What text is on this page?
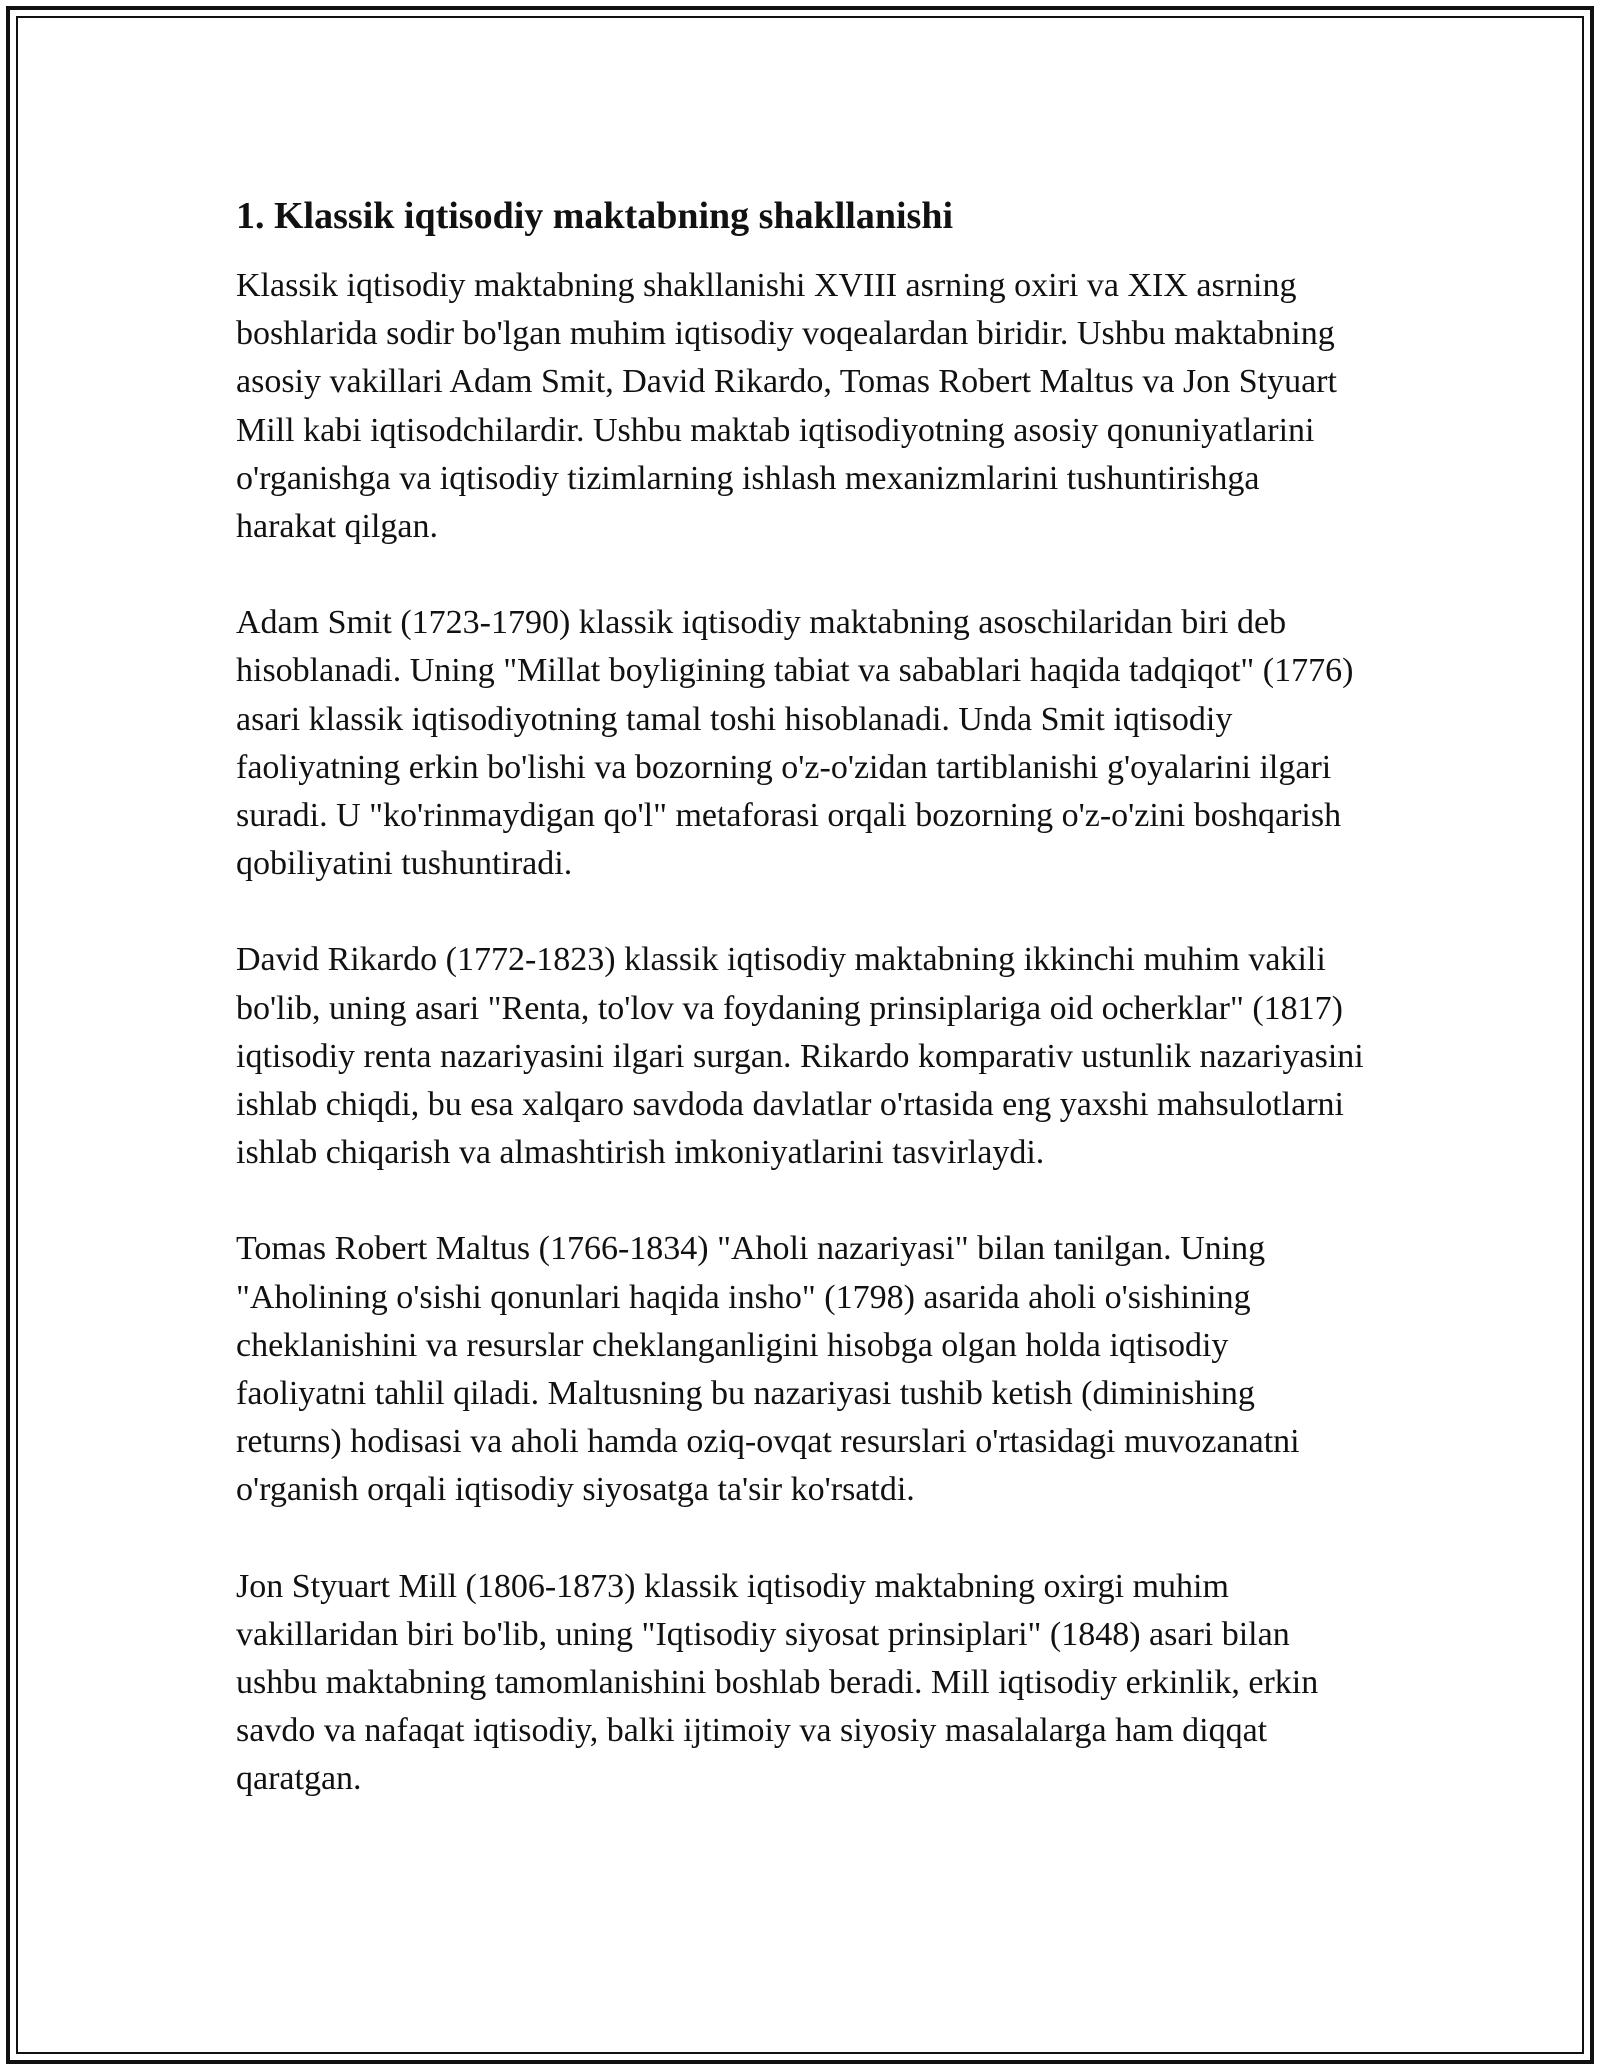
1. Klassik iqtisodiy maktabning shakllanishi

Klassik iqtisodiy maktabning shakllanishi XVIII asrning oxiri va XIX asrning boshlarida sodir bo'lgan muhim iqtisodiy voqealardan biridir. Ushbu maktabning asosiy vakillari Adam Smit, David Rikardo, Tomas Robert Maltus va Jon Styuart Mill kabi iqtisodchilardir. Ushbu maktab iqtisodiyotning asosiy qonuniyatlarini o'rganishga va iqtisodiy tizimlarning ishlash mexanizmlarini tushuntirishga harakat qilgan.

Adam Smit (1723-1790) klassik iqtisodiy maktabning asoschilaridan biri deb hisoblanadi. Uning "Millat boyligining tabiat va sabablari haqida tadqiqot" (1776) asari klassik iqtisodiyotning tamal toshi hisoblanadi. Unda Smit iqtisodiy faoliyatning erkin bo'lishi va bozorning o'z-o'zidan tartiblanishi g'oyalarini ilgari suradi. U "ko'rinmaydigan qo'l" metaforasi orqali bozorning o'z-o'zini boshqarish qobiliyatini tushuntiradi.

David Rikardo (1772-1823) klassik iqtisodiy maktabning ikkinchi muhim vakili bo'lib, uning asari "Renta, to'lov va foydaning prinsiplariga oid ocherklar" (1817) iqtisodiy renta nazariyasini ilgari surgan. Rikardo komparativ ustunlik nazariyasini ishlab chiqdi, bu esa xalqaro savdoda davlatlar o'rtasida eng yaxshi mahsulotlarni ishlab chiqarish va almashtirish imkoniyatlarini tasvirlaydi.

Tomas Robert Maltus (1766-1834) "Aholi nazariyasi" bilan tanilgan. Uning "Aholining o'sishi qonunlari haqida insho" (1798) asarida aholi o'sishining cheklanishini va resurslar cheklanganligini hisobga olgan holda iqtisodiy faoliyatni tahlil qiladi. Maltusning bu nazariyasi tushib ketish (diminishing returns) hodisasi va aholi hamda oziq-ovqat resurslari o'rtasidagi muvozanatni o'rganish orqali iqtisodiy siyosatga ta'sir ko'rsatdi.

Jon Styuart Mill (1806-1873) klassik iqtisodiy maktabning oxirgi muhim vakillaridan biri bo'lib, uning "Iqtisodiy siyosat prinsiplari" (1848) asari bilan ushbu maktabning tamomlanishini boshlab beradi. Mill iqtisodiy erkinlik, erkin savdo va nafaqat iqtisodiy, balki ijtimoiy va siyosiy masalalarga ham diqqat qaratgan.
